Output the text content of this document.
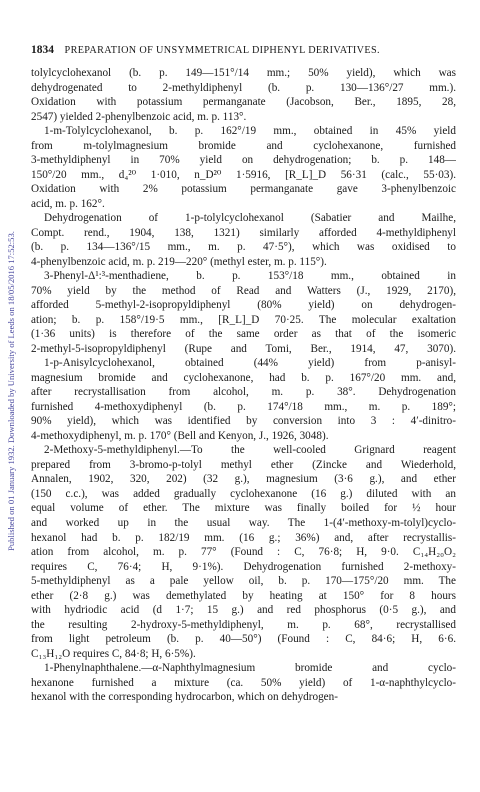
1834 PREPARATION OF UNSYMMETRICAL DIPHENYL DERIVATIVES.
Published on 01 January 1932. Downloaded by University of Leeds on 18/05/2016 17:52:53.

tolylcyclohexanol (b. p. 149—151°/14 mm.; 50% yield), which was

dehydrogenated to 2-methyldiphenyl (b. p. 130—136°/27 mm.).

Oxidation with potassium permanganate (Jacobson, Ber., 1895, 28,

2547) yielded 2-phenylbenzoic acid, m. p. 113°.

1-m-Tolylcyclohexanol, b. p. 162°/19 mm., obtained in 45% yield

from m-tolylmagnesium bromide and cyclohexanone, furnished

3-methyldiphenyl in 70% yield on dehydrogenation; b. p. 148—

150°/20 mm., d₄²⁰ 1·010, n_D²⁰ 1·5916, [R_L]_D 56·31 (calc., 55·03).

Oxidation with 2% potassium permanganate gave 3-phenylbenzoic

acid, m. p. 162°.

Dehydrogenation of 1-p-tolylcyclohexanol (Sabatier and Mailhe,

Compt. rend., 1904, 138, 1321) similarly afforded 4-methyldiphenyl

(b. p. 134—136°/15 mm., m. p. 47·5°), which was oxidised to

4-phenylbenzoic acid, m. p. 219—220° (methyl ester, m. p. 115°).

3-Phenyl-Δ¹:³-menthadiene, b. p. 153°/18 mm., obtained in

70% yield by the method of Read and Watters (J., 1929, 2170),

afforded 5-methyl-2-isopropyldiphenyl (80% yield) on dehydrogen-

ation; b. p. 158°/19·5 mm., [R_L]_D 70·25. The molecular exaltation

(1·36 units) is therefore of the same order as that of the isomeric

2-methyl-5-isopropyldiphenyl (Rupe and Tomi, Ber., 1914, 47, 3070).

1-p-Anisylcyclohexanol, obtained (44% yield) from p-anisyl-

magnesium bromide and cyclohexanone, had b. p. 167°/20 mm. and,

after recrystallisation from alcohol, m. p. 38°. Dehydrogenation

furnished 4-methoxydiphenyl (b. p. 174°/18 mm., m. p. 189°;

90% yield), which was identified by conversion into 3 : 4′-dinitro-

4-methoxydiphenyl, m. p. 170° (Bell and Kenyon, J., 1926, 3048).

2-Methoxy-5-methyldiphenyl.—To the well-cooled Grignard reagent

prepared from 3-bromo-p-tolyl methyl ether (Zincke and Wiederhold,

Annalen, 1902, 320, 202) (32 g.), magnesium (3·6 g.), and ether

(150 c.c.), was added gradually cyclohexanone (16 g.) diluted with an

equal volume of ether. The mixture was finally boiled for ½ hour

and worked up in the usual way. The 1-(4′-methoxy-m-tolyl)cyclo-

hexanol had b. p. 182/19 mm. (16 g.; 36%) and, after recrystallis-

ation from alcohol, m. p. 77° (Found : C, 76·8; H, 9·0. C₁₄H₂₀O₂

requires C, 76·4; H, 9·1%). Dehydrogenation furnished 2-methoxy-

5-methyldiphenyl as a pale yellow oil, b. p. 170—175°/20 mm. The

ether (2·8 g.) was demethylated by heating at 150° for 8 hours

with hydriodic acid (d 1·7; 15 g.) and red phosphorus (0·5 g.), and

the resulting 2-hydroxy-5-methyldiphenyl, m. p. 68°, recrystallised

from light petroleum (b. p. 40—50°) (Found : C, 84·6; H, 6·6.

C₁₃H₁₂O requires C, 84·8; H, 6·5%).

1-Phenylnaphthalene.—α-Naphthylmagnesium bromide and cyclo-

hexanone furnished a mixture (ca. 50% yield) of 1-α-naphthylcyclo-

hexanol with the corresponding hydrocarbon, which on dehydrogen-
